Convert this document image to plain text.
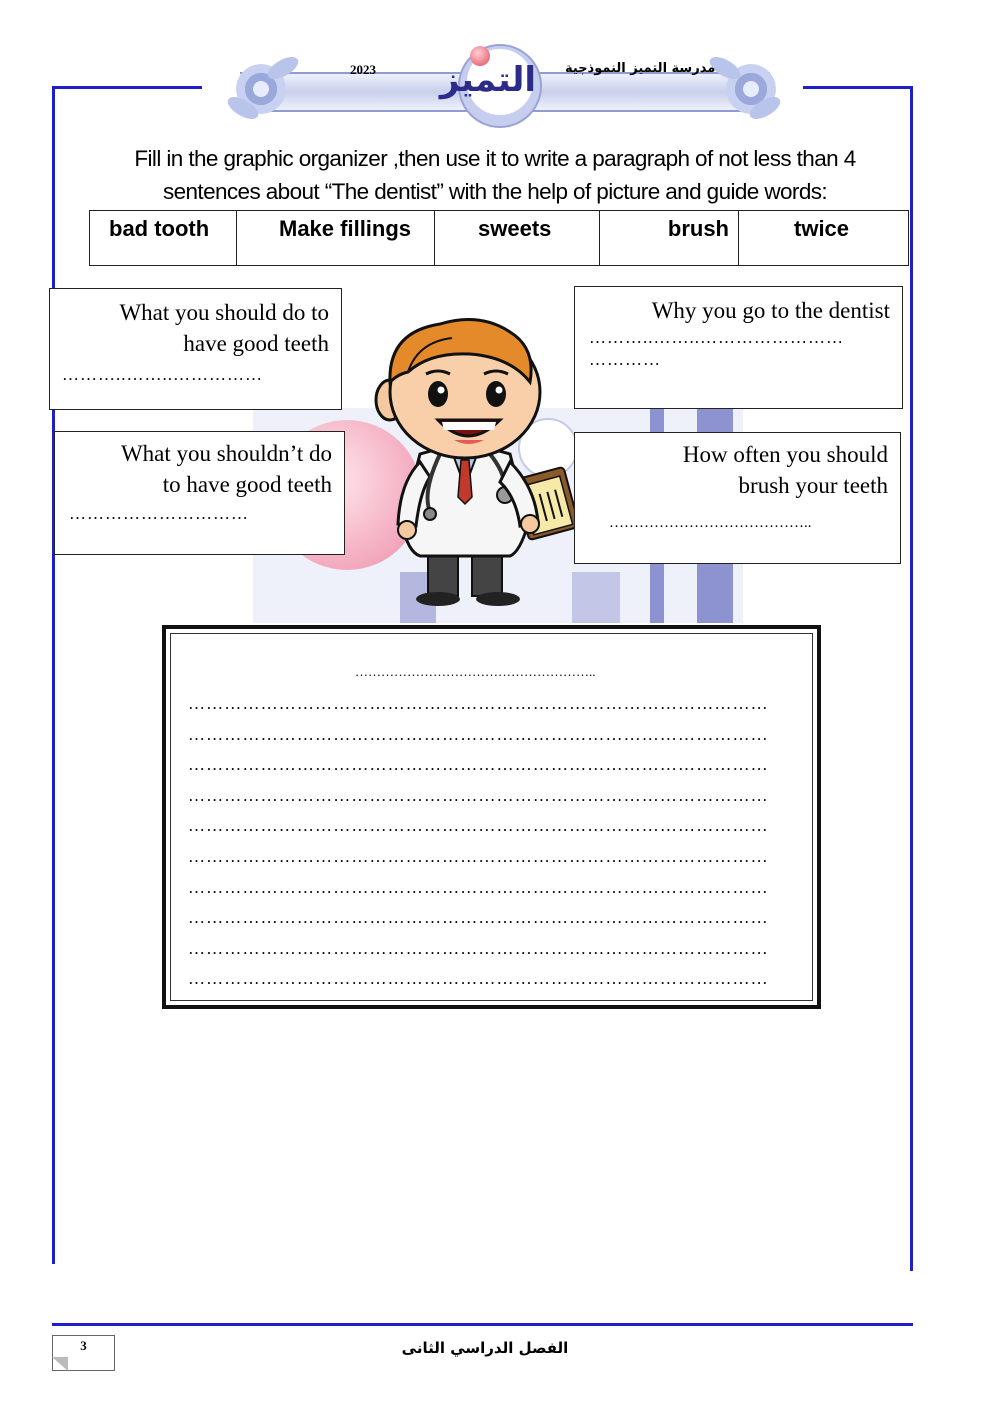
2023	مدرسة التميز النموذجية
التميز
Fill in the graphic organizer ,then use it to write a paragraph of not less than 4
sentences about “The dentist” with the help of picture and guide words:
bad tooth	Make fillings	sweets	brush	twice
What you should do to
have good teeth
………..……..……………
Why you go to the dentist
………..……..……………………
…………
What you shouldn’t do
to have good teeth
…………………………
How often you should
brush your teeth
…………………………………..
………………………………………………..
……………………………………………………………………………………
……………………………………………………………………………………
……………………………………………………………………………………
……………………………………………………………………………………
……………………………………………………………………………………
……………………………………………………………………………………
……………………………………………………………………………………
……………………………………………………………………………………
……………………………………………………………………………………
……………………………………………………………………………………
3	الفصل الدراسي الثانى
